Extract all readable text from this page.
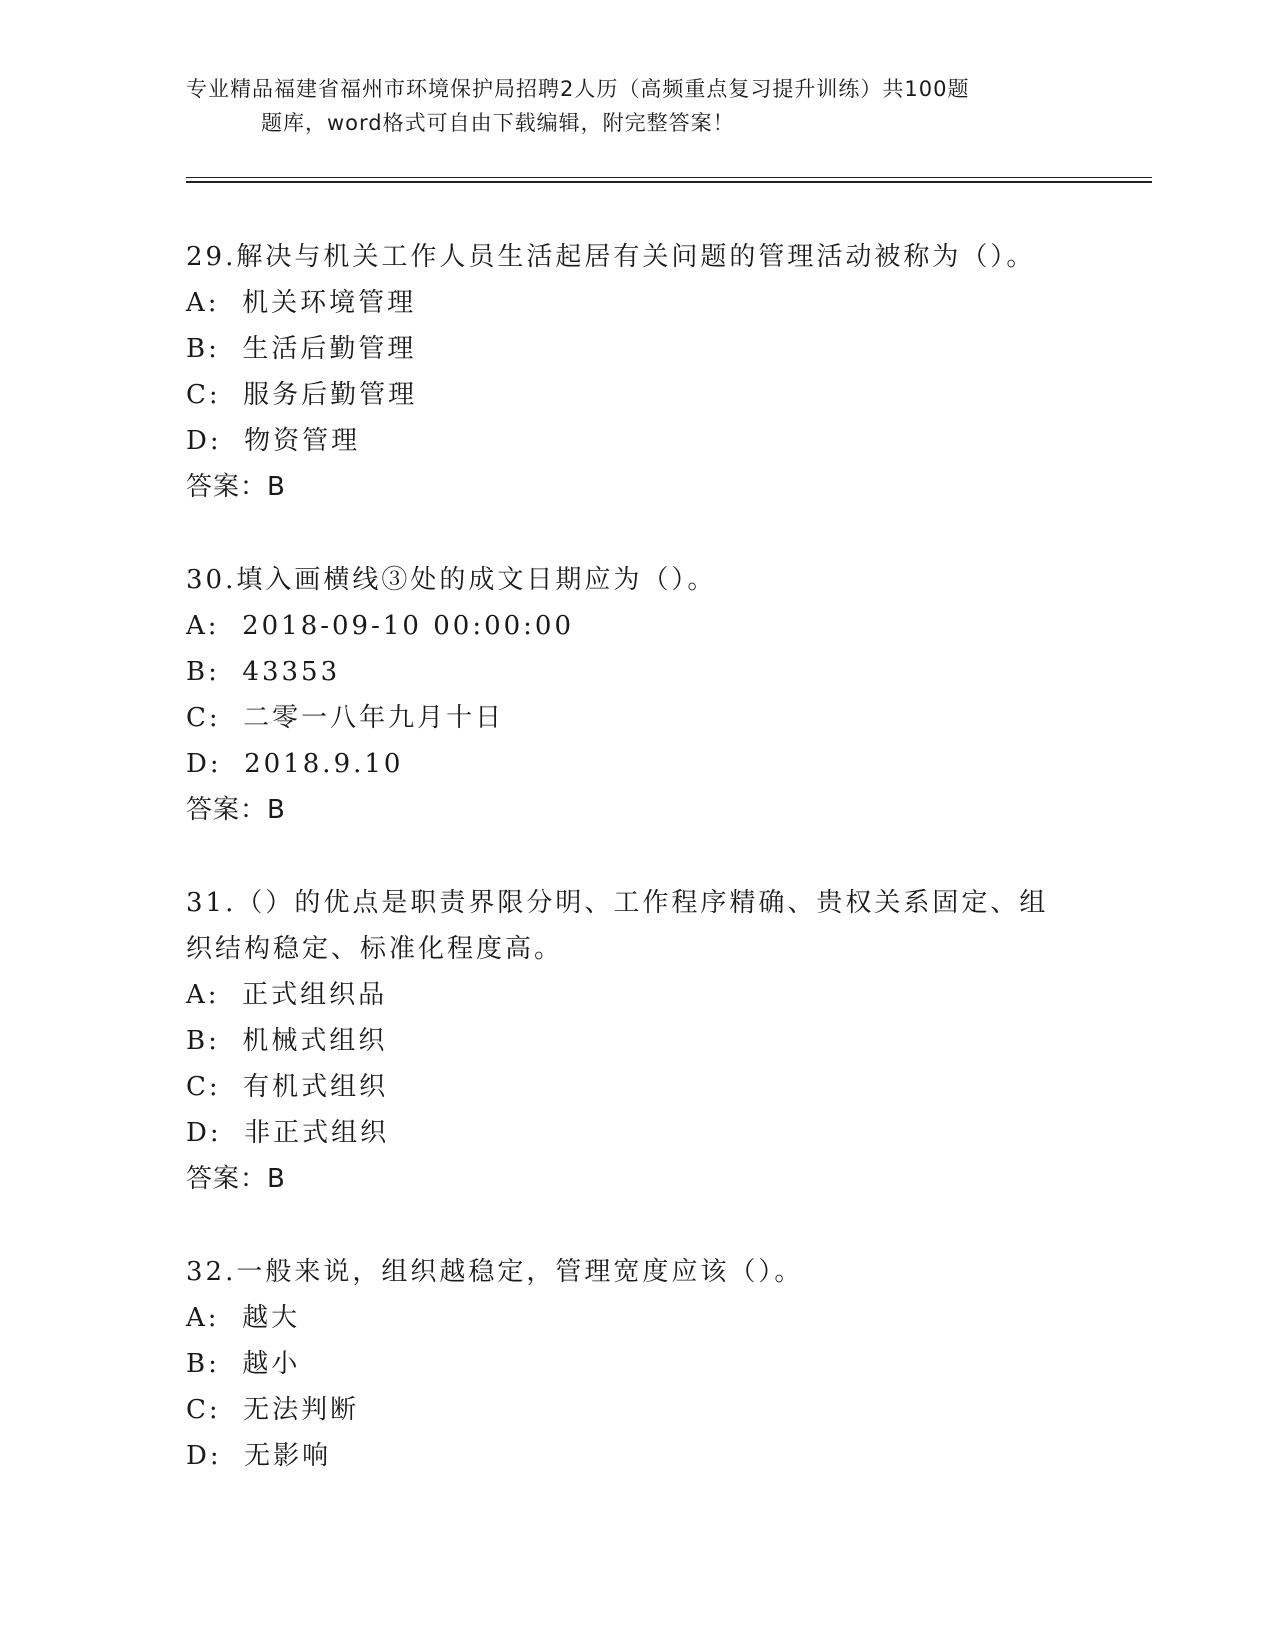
专业精品福建省福州市环境保护局招聘2人历（高频重点复习提升训练）共100题
题库，word格式可自由下载编辑，附完整答案！
29.解决与机关工作人员生活起居有关问题的管理活动被称为（）。
A:  机关环境管理
B:  生活后勤管理
C:  服务后勤管理
D:  物资管理
答案：B
30.填入画横线③处的成文日期应为（）。
A:  2018-09-10 00:00:00
B:  43353
C:  二零一八年九月十日
D:  2018.9.10
答案：B
31.（）的优点是职责界限分明、工作程序精确、贵权关系固定、组织结构稳定、标准化程度高。
A:  正式组织品
B:  机械式组织
C:  有机式组织
D:  非正式组织
答案：B
32.一般来说，组织越稳定，管理宽度应该（）。
A:  越大
B:  越小
C:  无法判断
D:  无影响
